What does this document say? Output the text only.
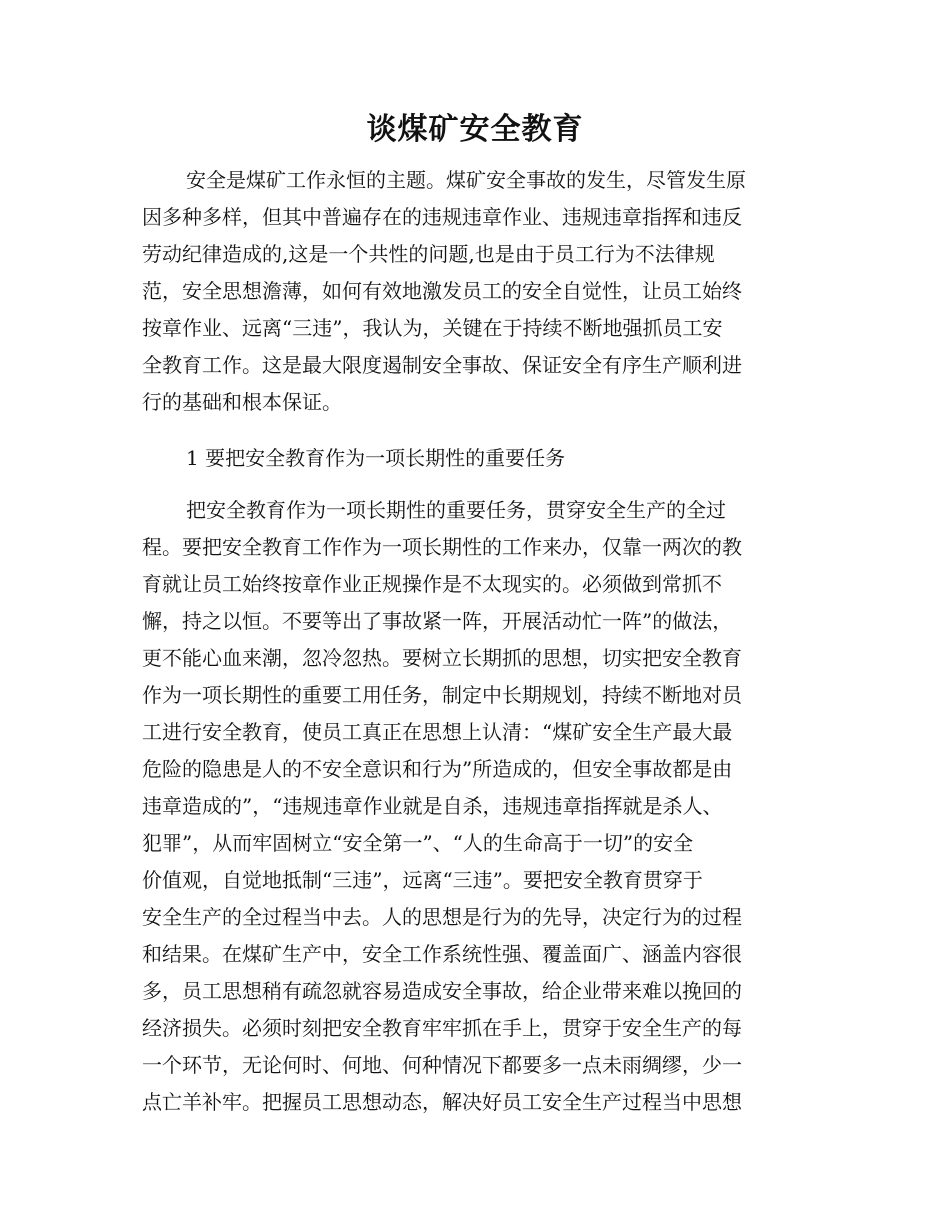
谈煤矿安全教育
安全是煤矿工作永恒的主题。煤矿安全事故的发生，尽管发生原
因多种多样，但其中普遍存在的违规违章作业、违规违章指挥和违反
劳动纪律造成的,这是一个共性的问题,也是由于员工行为不法律规
范，安全思想澹薄，如何有效地激发员工的安全自觉性，让员工始终
按章作业、远离“三违”，我认为，关键在于持续不断地强抓员工安
全教育工作。这是最大限度遏制安全事故、保证安全有序生产顺利进
行的基础和根本保证。
1 要把安全教育作为一项长期性的重要任务
把安全教育作为一项长期性的重要任务，贯穿安全生产的全过
程。要把安全教育工作作为一项长期性的工作来办，仅靠一两次的教
育就让员工始终按章作业正规操作是不太现实的。必须做到常抓不
懈，持之以恒。不要等出了事故紧一阵，开展活动忙一阵”的做法，
更不能心血来潮，忽冷忽热。要树立长期抓的思想，切实把安全教育
作为一项长期性的重要工用任务，制定中长期规划，持续不断地对员
工进行安全教育，使员工真正在思想上认清：“煤矿安全生产最大最
危险的隐患是人的不安全意识和行为”所造成的，但安全事故都是由
违章造成的”，“违规违章作业就是自杀，违规违章指挥就是杀人、
犯罪”，从而牢固树立“安全第一”、“人的生命高于一切”的安全
价值观，自觉地抵制“三违”，远离“三违”。要把安全教育贯穿于
安全生产的全过程当中去。人的思想是行为的先导，决定行为的过程
和结果。在煤矿生产中，安全工作系统性强、覆盖面广、涵盖内容很
多，员工思想稍有疏忽就容易造成安全事故，给企业带来难以挽回的
经济损失。必须时刻把安全教育牢牢抓在手上，贯穿于安全生产的每
一个环节，无论何时、何地、何种情况下都要多一点未雨绸缪，少一
点亡羊补牢。把握员工思想动态，解决好员工安全生产过程当中思想
